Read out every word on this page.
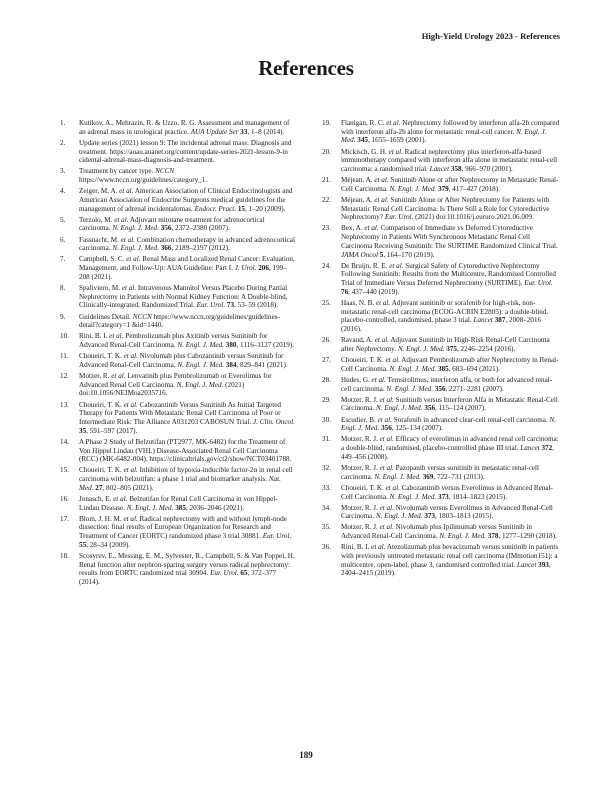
High-Yield Urology 2023 - References
References
1.	Kutikov, A., Mehrazin, R. & Uzzo, R. G. Assessment and management of an adrenal mass in urological practice. AUA Update Ser 33, 1–8 (2014).
2.	Update series (2021) lesson 9: The incidental adrenal mass: Diagnosis and treatment. https://auau.auanet.org/content/update-series-2021-lesson-9-in cidental-adrenal-mass-diagnosis-and-treatment.
3.	Treatment by cancer type. NCCN https://www.nccn.org/guidelines/category_1.
4.	Zeiger, M. A. et al. American Association of Clinical Endocrinologists and American Association of Endocrine Surgeons medical guidelines for the management of adrenal incidentalomas. Endocr. Pract. 15, 1–20 (2009).
5.	Terzolo, M. et al. Adjuvant mitotane treatment for adrenocortical carcinoma. N. Engl. J. Med. 356, 2372–2380 (2007).
6.	Fassnacht, M. et al. Combination chemotherapy in advanced adrenocortical carcinoma. N. Engl. J. Med. 366, 2189–2197 (2012).
7.	Campbell, S. C. et al. Renal Mass and Localized Renal Cancer: Evaluation, Management, and Follow-Up: AUA Guideline: Part I. J. Urol. 206, 199–208 (2021).
8.	Spaliviero, M. et al. Intravenous Mannitol Versus Placebo During Partial Nephrectomy in Patients with Normal Kidney Function: A Double-blind, Clinically-integrated, Randomized Trial. Eur. Urol. 73, 53–59 (2018).
9.	Guidelines Detail. NCCN https://www.nccn.org/guidelines/guidelines-detail?category=1 &id=1440.
10.	Rini, B. I. et al. Pembrolizumab plus Axitinib versus Sunitinib for Advanced Renal-Cell Carcinoma. N. Engl. J. Med. 380, 1116–1127 (2019).
11.	Choueiri, T. K. et al. Nivolumab plus Cabozantinib versus Sunitinib for Advanced Renal-Cell Carcinoma. N. Engl. J. Med. 384, 829–841 (2021).
12.	Motzer, R. et al. Lenvatinib plus Pembrolizumab or Everolimus for Advanced Renal Cell Carcinoma. N. Engl. J. Med. (2021) doi:10.1056/NEJMoa2035716.
13.	Choueiri, T. K. et al. Cabozantinib Versus Sunitinib As Initial Targeted Therapy for Patients With Metastatic Renal Cell Carcinoma of Poor or Intermediate Risk: The Alliance A031203 CABOSUN Trial. J. Clin. Oncol. 35, 591–597 (2017).
14.	A Phase 2 Study of Belzutifan (PT2977, MK-6482) for the Treatment of Von Hippel Lindau (VHL) Disease-Associated Renal Cell Carcinoma (RCC) (MK-6482-004). https://clinicaltrials.gov/ct2/show/NCT03401788.
15.	Choueiri, T. K. et al. Inhibition of hypoxia-inducible factor-2α in renal cell carcinoma with belzutifan: a phase 1 trial and biomarker analysis. Nat. Med. 27, 802–805 (2021).
16.	Jonasch, E. et al. Belzutifan for Renal Cell Carcinoma in von Hippel-Lindau Disease. N. Engl. J. Med. 385, 2036–2046 (2021).
17.	Blom, J. H. M. et al. Radical nephrectomy with and without lymph-node dissection: final results of European Organization for Research and Treatment of Cancer (EORTC) randomized phase 3 trial 30881. Eur. Urol. 55, 28–34 (2009).
18.	Scosyrev, E., Messing, E. M., Sylvester, R., Campbell, S. & Van Poppel, H. Renal function after nephron-sparing surgery versus radical nephrectomy: results from EORTC randomized trial 30904. Eur. Urol. 65, 372–377 (2014).
19.	Flanigan, R. C. et al. Nephrectomy followed by interferon alfa-2b compared with interferon alfa-2b alone for metastatic renal-cell cancer. N. Engl. J. Med. 345, 1655–1659 (2001).
20.	Mickisch, G. H. et al. Radical nephrectomy plus interferon-alfa-based immunotherapy compared with interferon alfa alone in metastatic renal-cell carcinoma: a randomised trial. Lancet 358, 966–970 (2001).
21.	Méjean, A. et al. Sunitinib Alone or after Nephrectomy in Metastatic Renal-Cell Carcinoma. N. Engl. J. Med. 379, 417–427 (2018).
22.	Méjean, A. et al. Sunitinib Alone or After Nephrectomy for Patients with Metastatic Renal Cell Carcinoma: Is There Still a Role for Cytoreductive Nephrectomy? Eur. Urol. (2021) doi:10.1016/j.eururo.2021.06.009.
23.	Bex, A. et al. Comparison of Immediate vs Deferred Cytoreductive Nephrectomy in Patients With Synchronous Metastatic Renal Cell Carcinoma Receiving Sunitinib: The SURTIME Randomized Clinical Trial. JAMA Oncol 5, 164–170 (2019).
24.	De Bruijn, R. E. et al. Surgical Safety of Cytoreductive Nephrectomy Following Sunitinib: Results from the Multicentre, Randomised Controlled Trial of Immediate Versus Deferred Nephrectomy (SURTIME). Eur. Urol. 76, 437–440 (2019).
25.	Haas, N. B. et al. Adjuvant sunitinib or sorafenib for high-risk, non-metastatic renal-cell carcinoma (ECOG-ACRIN E2805): a double-blind, placebo-controlled, randomised, phase 3 trial. Lancet 387, 2008–2016 (2016).
26.	Ravaud, A. et al. Adjuvant Sunitinib in High-Risk Renal-Cell Carcinoma after Nephrectomy. N. Engl. J. Med. 375, 2246–2254 (2016).
27.	Choueiri, T. K. et al. Adjuvant Pembrolizumab after Nephrectomy in Renal-Cell Carcinoma. N. Engl. J. Med. 385, 683–694 (2021).
28.	Hudes, G. et al. Temsirolimus, interferon alfa, or both for advanced renal-cell carcinoma. N. Engl. J. Med. 356, 2271–2281 (2007).
29.	Motzer, R. J. et al. Sunitinib versus Interferon Alfa in Metastatic Renal-Cell Carcinoma. N. Engl. J. Med. 356, 115–124 (2007).
30.	Escudier, B. et al. Sorafenib in advanced clear-cell renal-cell carcinoma. N. Engl. J. Med. 356, 125–134 (2007).
31.	Motzer, R. J. et al. Efficacy of everolimus in advanced renal cell carcinoma: a double-blind, randomised, placebo-controlled phase III trial. Lancet 372, 449–456 (2008).
32.	Motzer, R. J. et al. Pazopanib versus sunitinib in metastatic renal-cell carcinoma. N. Engl. J. Med. 369, 722–731 (2013).
33.	Choueiri, T. K. et al. Cabozantinib versus Everolimus in Advanced Renal-Cell Carcinoma. N. Engl. J. Med. 373, 1814–1823 (2015).
34.	Motzer, R. J. et al. Nivolumab versus Everolimus in Advanced Renal-Cell Carcinoma. N. Engl. J. Med. 373, 1803–1813 (2015).
35.	Motzer, R. J. et al. Nivolumab plus Ipilimumab versus Sunitinib in Advanced Renal-Cell Carcinoma. N. Engl. J. Med. 378, 1277–1290 (2018).
36.	Rini, B. I. et al. Atezolizumab plus bevacizumab versus sunitinib in patients with previously untreated metastatic renal cell carcinoma (IMmotion151): a multicentre, open-label, phase 3, randomised controlled trial. Lancet 393, 2404–2415 (2019).
189
